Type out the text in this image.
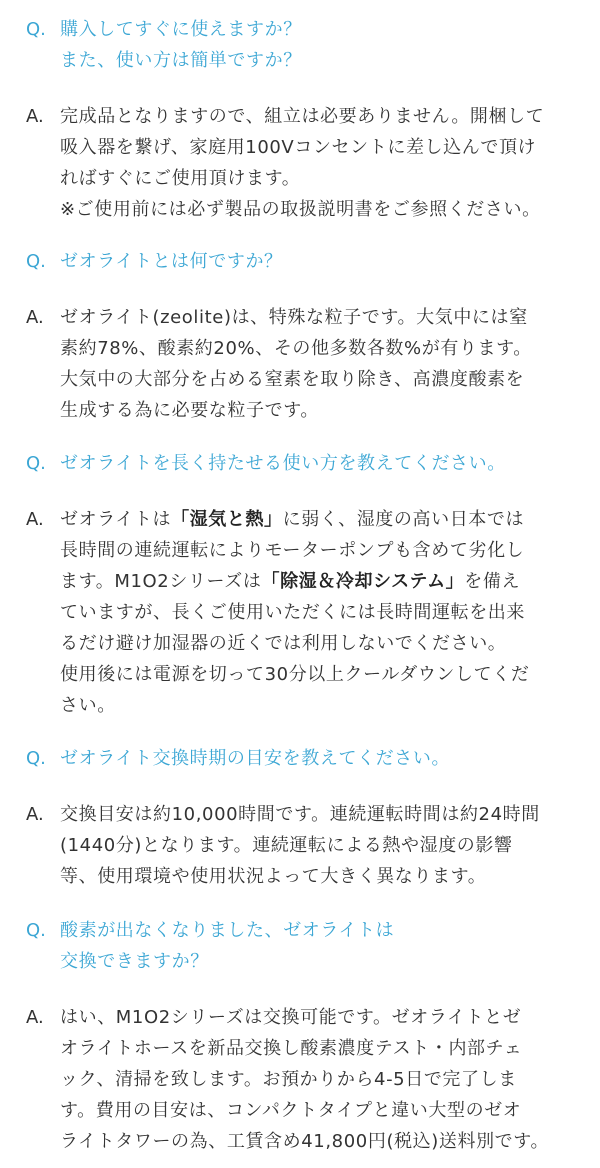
Q. 購入してすぐに使えますか？
また、使い方は簡単ですか？
A. 完成品となりますので、組立は必要ありません。開梱して
吸入器を繋げ、家庭用100Vコンセントに差し込んで頂け
ればすぐにご使用頂けます。
※ご使用前には必ず製品の取扱説明書をご参照ください。
Q. ゼオライトとは何ですか？
A. ゼオライト(zeolite)は、特殊な粒子です。大気中には窒
素約78%、酸素約20%、その他多数各数%が有ります。
大気中の大部分を占める窒素を取り除き、高濃度酸素を
生成する為に必要な粒子です。
Q. ゼオライトを長く持たせる使い方を教えてください。
A. ゼオライトは「湿気と熱」に弱く、湿度の高い日本では
長時間の連続運転によりモーターポンプも含めて劣化し
ます。M1O2シリーズは「除湿＆冷却システム」を備え
ていますが、長くご使用いただくには長時間運転を出来
るだけ避け加湿器の近くでは利用しないでください。
使用後には電源を切って30分以上クールダウンしてくだ
さい。
Q. ゼオライト交換時期の目安を教えてください。
A. 交換目安は約10,000時間です。連続運転時間は約24時間
(1440分)となります。連続運転による熱や湿度の影響
等、使用環境や使用状況よって大きく異なります。
Q. 酸素が出なくなりました、ゼオライトは
交換できますか？
A. はい、M1O2シリーズは交換可能です。ゼオライトとゼ
オライトホースを新品交換し酸素濃度テスト・内部チェ
ック、清掃を致します。お預かりから4-5日で完了しま
す。費用の目安は、コンパクトタイプと違い大型のゼオ
ライトタワーの為、工賃含め41,800円(税込)送料別です。
